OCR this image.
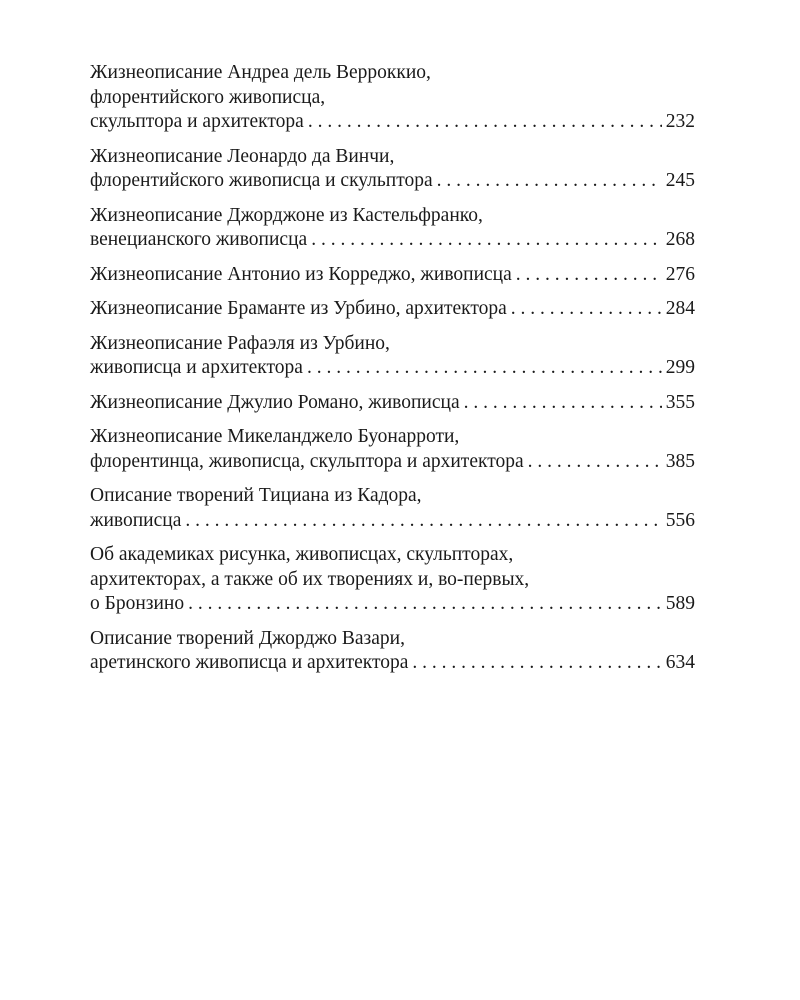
Жизнеописание Андреа дель Верроккио,
флорентийского живописца,
скульптора и архитектора . . .	232
Жизнеописание Леонардо да Винчи,
флорентийского живописца и скульптора . . .	245
Жизнеописание Джорджоне из Кастельфранко,
венецианского живописца . . .	268
Жизнеописание Антонио из Корреджо, живописца . . .	276
Жизнеописание Браманте из Урбино, архитектора . . .	284
Жизнеописание Рафаэля из Урбино,
живописца и архитектора . . .	299
Жизнеописание Джулио Романо, живописца . . .	355
Жизнеописание Микеланджело Буонарроти,
флорентинца, живописца, скульптора и архитектора . . .	385
Описание творений Тициана из Кадора,
живописца . . .	556
Об академиках рисунка, живописцах, скульпторах,
архитекторах, а также об их творениях и, во-первых,
о Бронзино . . .	589
Описание творений Джорджо Вазари,
аретинского живописца и архитектора . . .	634
